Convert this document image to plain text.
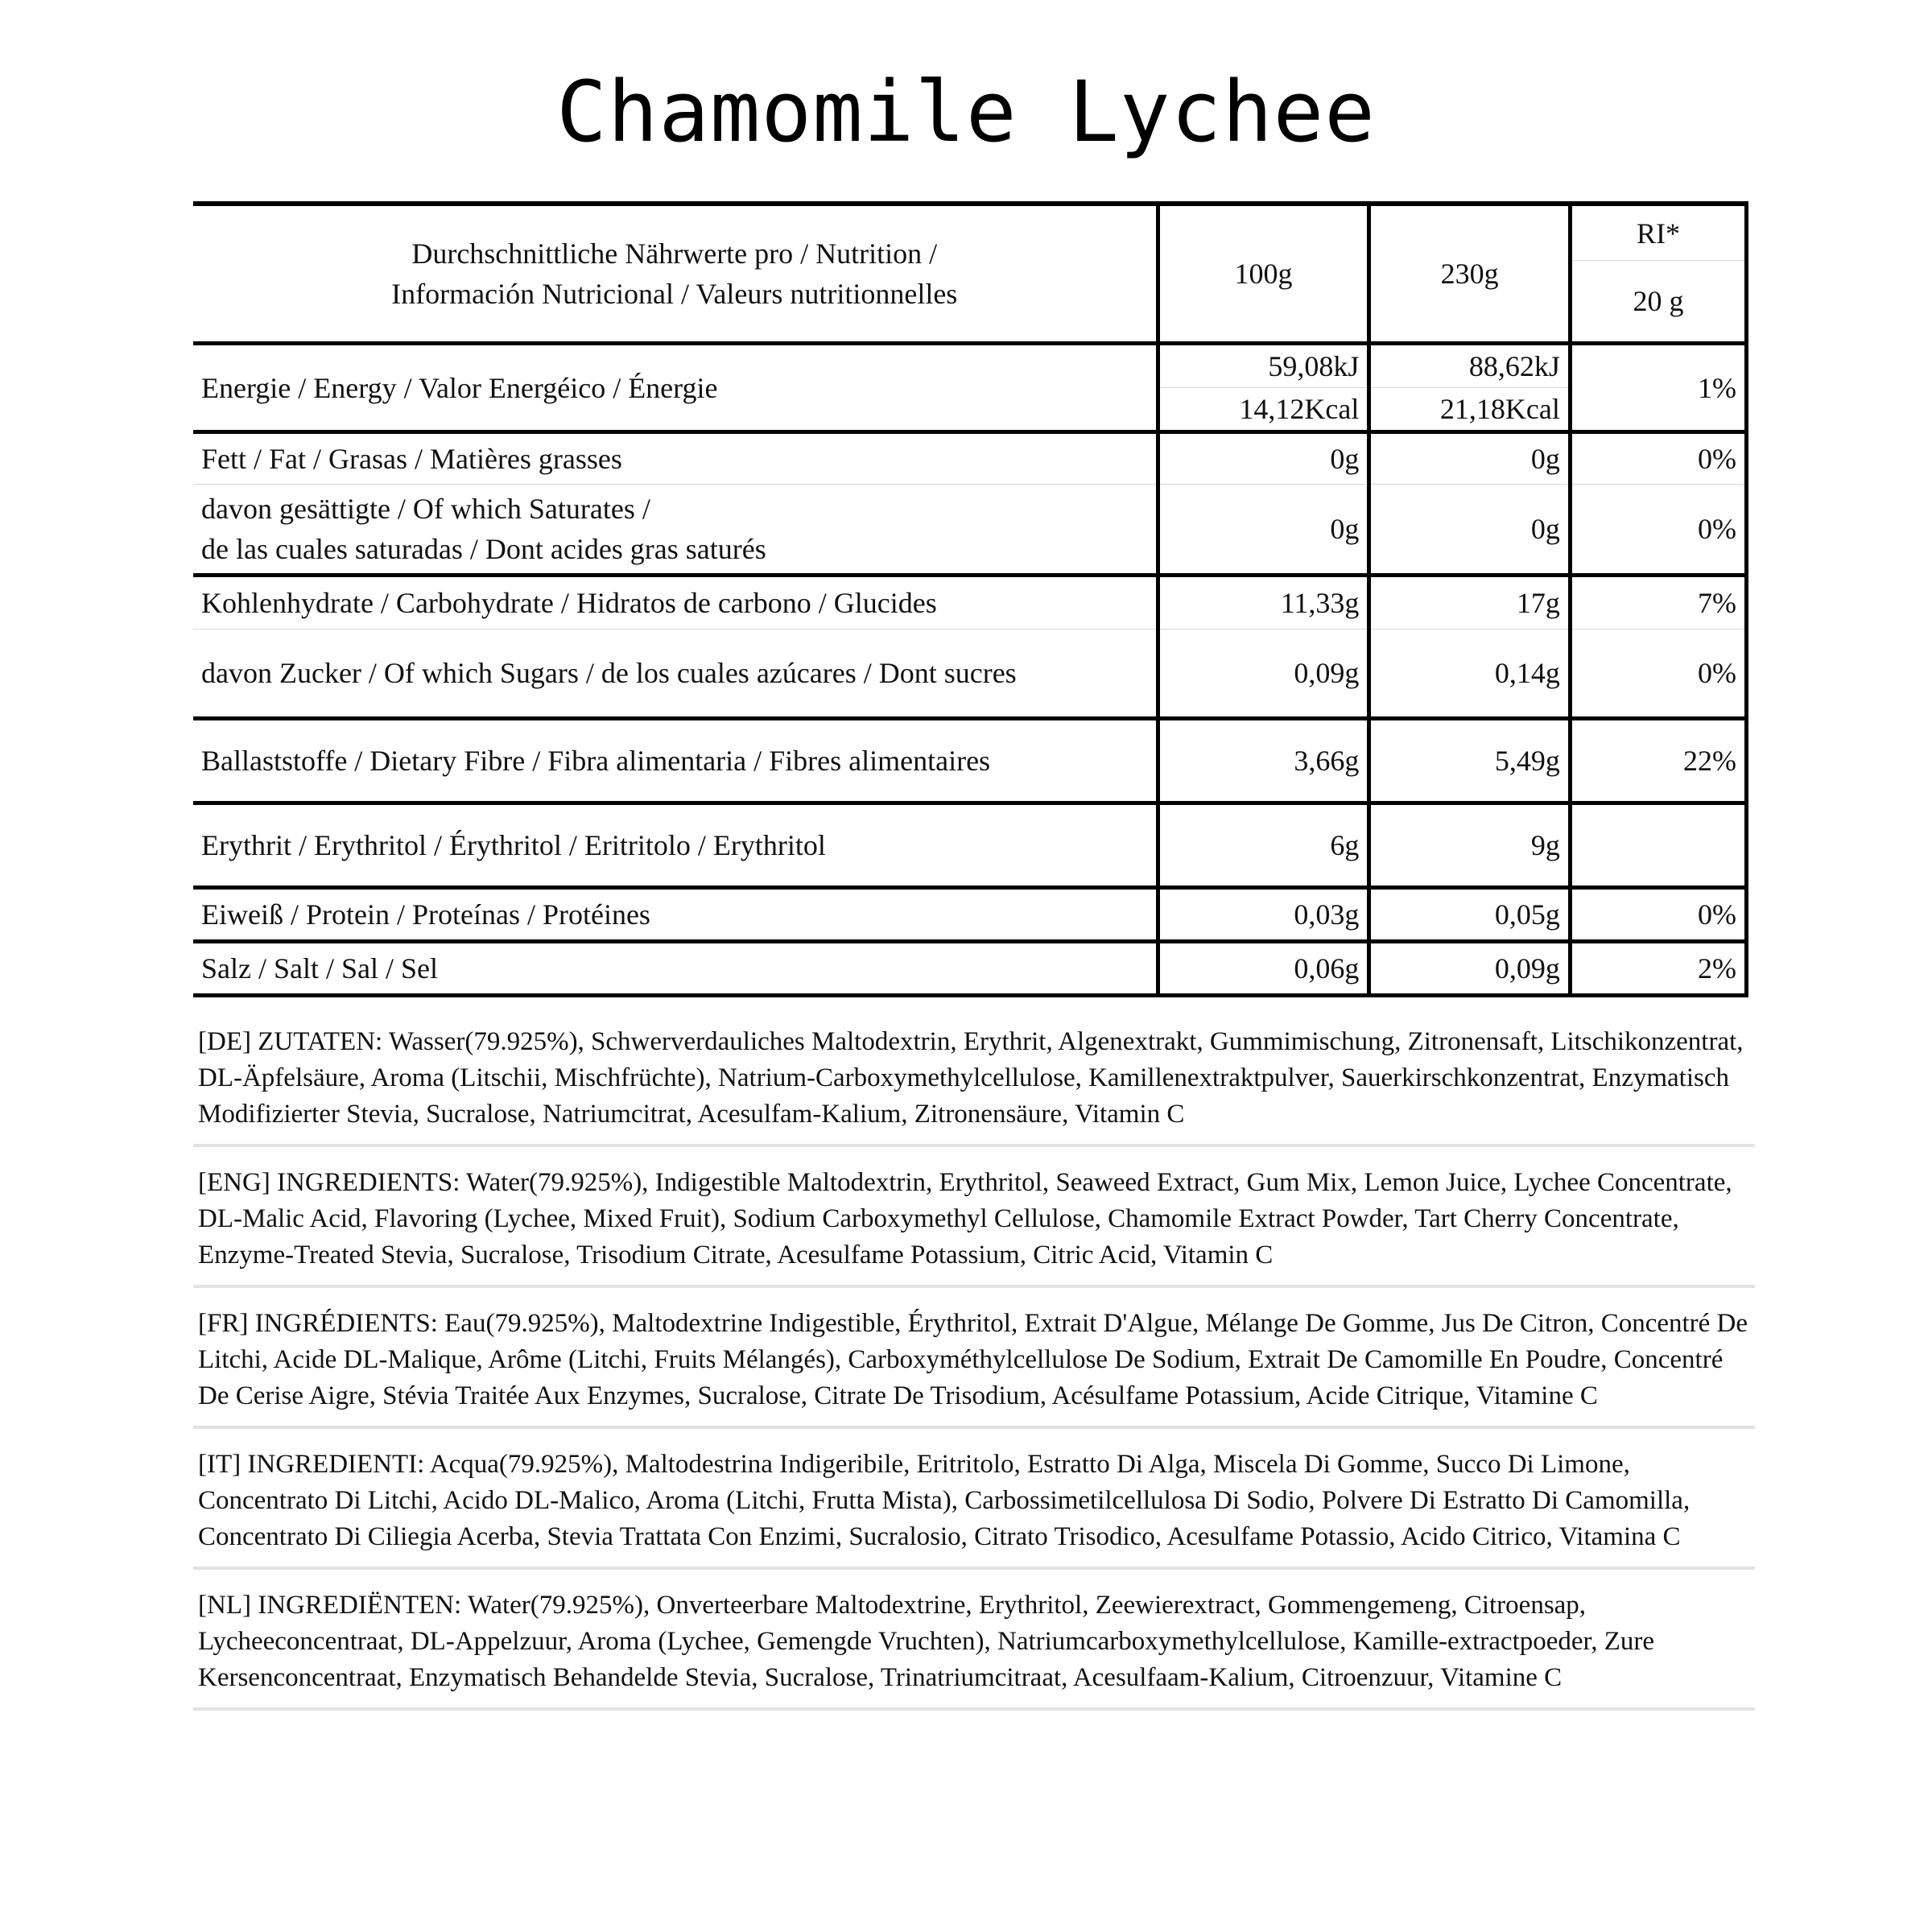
Chamomile Lychee
Durchschnittliche Nährwerte pro / Nutrition /
Información Nutricional / Valeurs nutritionnelles	100g	230g	RI*
			20 g
Energie / Energy / Valor Energéico / Énergie	59,08kJ	88,62kJ	1%
	14,12Kcal	21,18Kcal	
Fett / Fat / Grasas / Matières grasses	0g	0g	0%

davon gesättigte / Of which Saturates /
de las cuales saturadas / Dont acides gras saturés	0g	0g	0%
Kohlenhydrate / Carbohydrate / Hidratos de carbono / Glucides	11,33g	17g	7%
davon Zucker / Of which Sugars / de los cuales azúcares / Dont sucres	0,09g	0,14g	0%
Ballaststoffe / Dietary Fibre / Fibra alimentaria / Fibres alimentaires	3,66g	5,49g	22%
Erythrit / Erythritol / Érythritol / Eritritolo / Erythritol	6g	9g	
Eiweiß / Protein / Proteínas / Protéines	0,03g	0,05g	0%
Salz / Salt / Sal / Sel	0,06g	0,09g	2%
[DE] ZUTATEN: Wasser(79.925%), Schwerverdauliches Maltodextrin, Erythrit, Algenextrakt, Gummimischung, Zitronensaft, Litschikonzentrat, DL-Äpfelsäure, Aroma (Litschii, Mischfrüchte), Natrium-Carboxymethylcellulose, Kamillenextraktpulver, Sauerkirschkonzentrat, Enzymatisch Modifizierter Stevia, Sucralose, Natriumcitrat, Acesulfam-Kalium, Zitronensäure, Vitamin C
[ENG] INGREDIENTS: Water(79.925%), Indigestible Maltodextrin, Erythritol, Seaweed Extract, Gum Mix, Lemon Juice, Lychee Concentrate, DL-Malic Acid, Flavoring (Lychee, Mixed Fruit), Sodium Carboxymethyl Cellulose, Chamomile Extract Powder, Tart Cherry Concentrate, Enzyme-Treated Stevia, Sucralose, Trisodium Citrate, Acesulfame Potassium, Citric Acid, Vitamin C
[FR] INGRÉDIENTS: Eau(79.925%), Maltodextrine Indigestible, Érythritol, Extrait D'Algue, Mélange De Gomme, Jus De Citron, Concentré De Litchi, Acide DL-Malique, Arôme (Litchi, Fruits Mélangés), Carboxyméthylcellulose De Sodium, Extrait De Camomille En Poudre, Concentré De Cerise Aigre, Stévia Traitée Aux Enzymes, Sucralose, Citrate De Trisodium, Acésulfame Potassium, Acide Citrique, Vitamine C
[IT] INGREDIENTI: Acqua(79.925%), Maltodestrina Indigeribile, Eritritolo, Estratto Di Alga, Miscela Di Gomme, Succo Di Limone, Concentrato Di Litchi, Acido DL-Malico, Aroma (Litchi, Frutta Mista), Carbossimetilcellulosa Di Sodio, Polvere Di Estratto Di Camomilla, Concentrato Di Ciliegia Acerba, Stevia Trattata Con Enzimi, Sucralosio, Citrato Trisodico, Acesulfame Potassio, Acido Citrico, Vitamina C
[NL] INGREDIËNTEN: Water(79.925%), Onverteerbare Maltodextrine, Erythritol, Zeewierextract, Gommengemeng, Citroensap, Lycheeconcentraat, DL-Appelzuur, Aroma (Lychee, Gemengde Vruchten), Natriumcarboxymethylcellulose, Kamille-extractpoeder, Zure Kersenconcentraat, Enzymatisch Behandelde Stevia, Sucralose, Trinatriumcitraat, Acesulfaam-Kalium, Citroenzuur, Vitamine C
